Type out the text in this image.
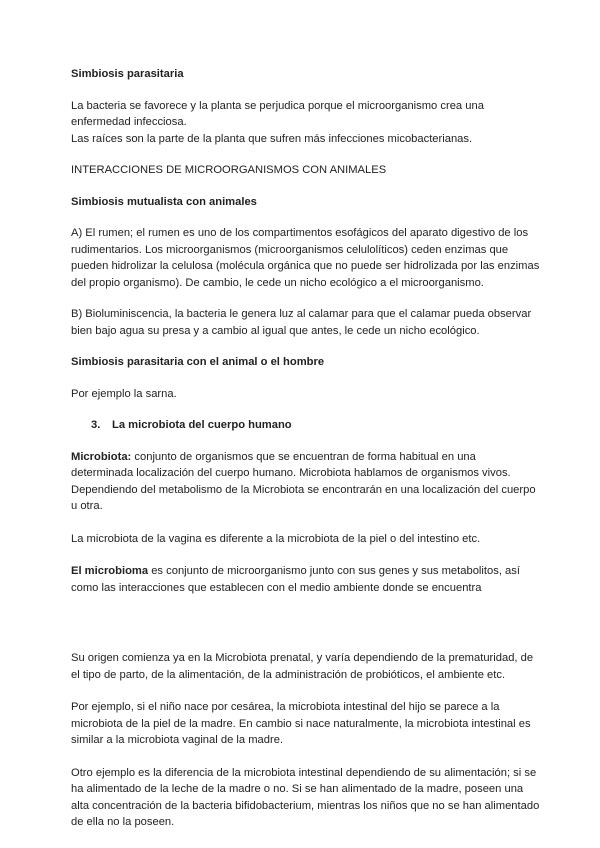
Simbiosis parasitaria

La bacteria se favorece y la planta se perjudica porque el microorganismo crea una enfermedad infecciosa.

Las raíces son la parte de la planta que sufren más infecciones micobacterianas.

INTERACCIONES DE MICROORGANISMOS CON ANIMALES

Simbiosis mutualista con animales

A) El rumen; el rumen es uno de los compartimentos esofágicos del aparato digestivo de los rudimentarios. Los microorganismos (microorganismos celulolíticos) ceden enzimas que pueden hidrolizar la celulosa (molécula orgánica que no puede ser hidrolizada por las enzimas del propio organismo). De cambio, le cede un nicho ecológico a el microorganismo.

B) Bioluminiscencia, la bacteria le genera luz al calamar para que el calamar pueda observar bien bajo agua su presa y a cambio al igual que antes, le cede un nicho ecológico.

Simbiosis parasitaria con el animal o el hombre

Por ejemplo la sarna.

3.	La microbiota del cuerpo humano

Microbiota: conjunto de organismos que se encuentran de forma habitual en una determinada localización del cuerpo humano. Microbiota hablamos de organismos vivos. Dependiendo del metabolismo de la Microbiota se encontrarán en una localización del cuerpo u otra.

La microbiota de la vagina es diferente a la microbiota de la piel o del intestino etc.

El microbioma es conjunto de microorganismo junto con sus genes y sus metabolitos, así como las interacciones que establecen con el medio ambiente donde se encuentra

Su origen comienza ya en la Microbiota prenatal, y varía dependiendo de la prematuridad, de el tipo de parto, de la alimentación, de la administración de probióticos, el ambiente etc.

Por ejemplo, si el niño nace por cesárea, la microbiota intestinal del hijo se parece a la microbiota de la piel de la madre. En cambio si nace naturalmente, la microbiota intestinal es similar a la microbiota vaginal de la madre.

Otro ejemplo es la diferencia de la microbiota intestinal dependiendo de su alimentación; si se ha alimentado de la leche de la madre o no. Si se han alimentado de la madre, poseen una alta concentración de la bacteria bifidobacterium, mientras los niños que no se han alimentado de ella no la poseen.
